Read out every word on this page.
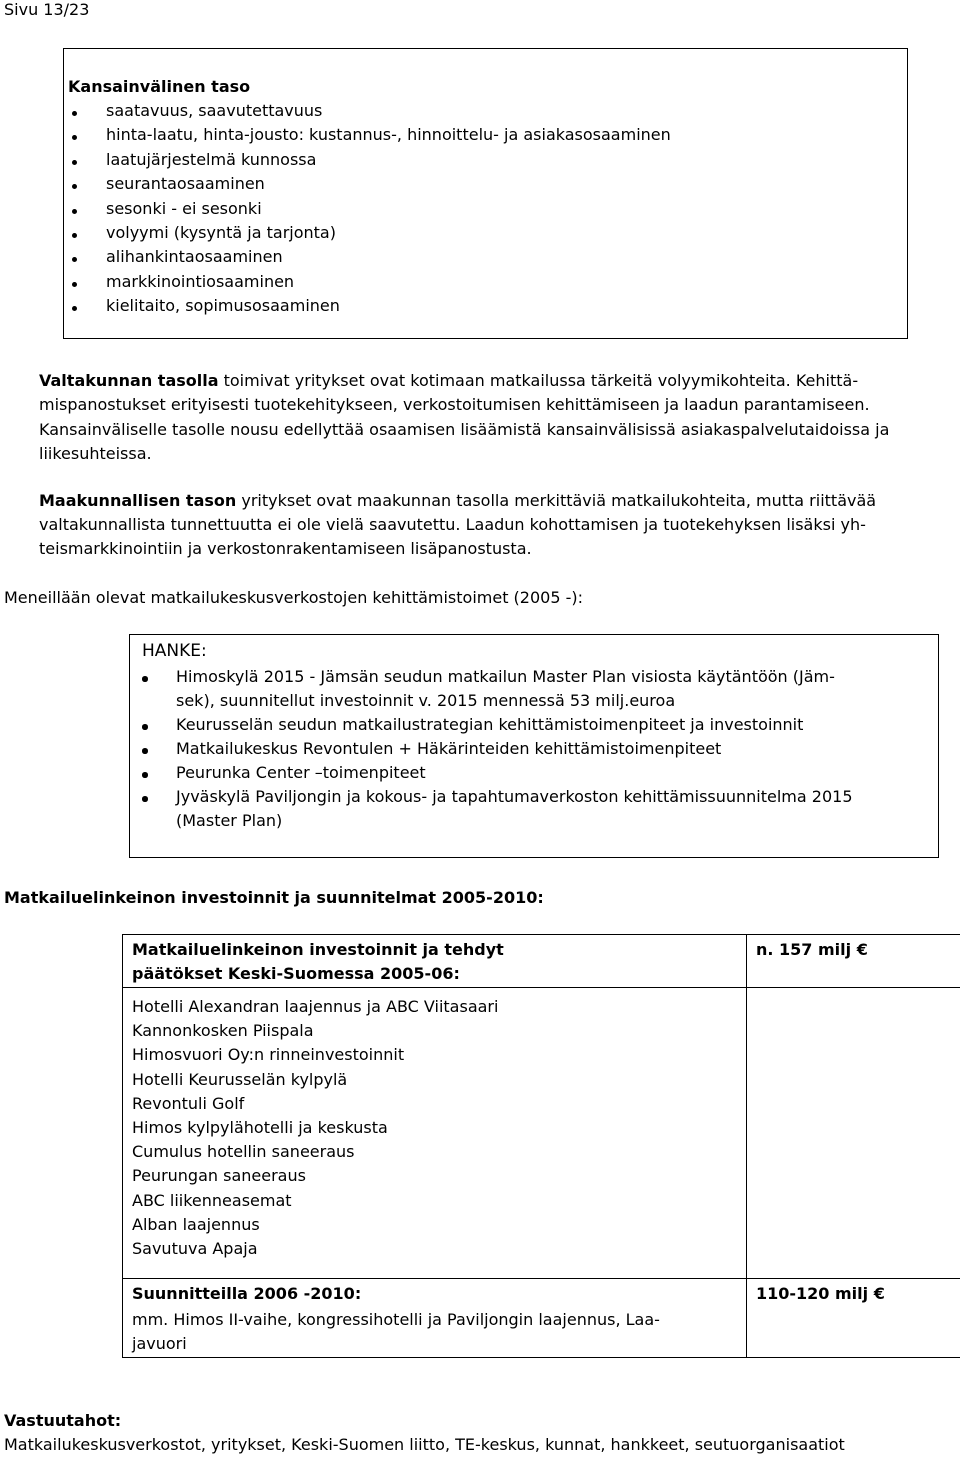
Sivu 13/23
Kansainvälinen taso
saatavuus, saavutettavuus
hinta-laatu, hinta-jousto: kustannus-, hinnoittelu- ja asiakasosaaminen
laatujärjestelmä kunnossa
seurantaosaaminen
sesonki - ei sesonki
volyymi (kysyntä ja tarjonta)
alihankintaosaaminen
markkinointiosaaminen
kielitaito, sopimusosaaminen
Valtakunnan tasolla toimivat yritykset ovat kotimaan matkailussa tärkeitä volyymikohteita. Kehittä-
mispanostukset erityisesti tuotekehitykseen, verkostoitumisen kehittämiseen ja laadun parantamiseen.
Kansainväliselle tasolle nousu edellyttää osaamisen lisäämistä kansainvälisissä asiakaspalvelutaidoissa ja
liikesuhteissa.
Maakunnallisen tason yritykset ovat maakunnan tasolla merkittäviä matkailukohteita, mutta riittävää
valtakunnallista tunnettuutta ei ole vielä saavutettu. Laadun kohottamisen ja tuotekehyksen lisäksi yh-
teismarkkinointiin ja verkostonrakentamiseen lisäpanostusta.
Meneillään olevat matkailukeskusverkostojen kehittämistoimet (2005 -):
HANKE:
Himoskylä 2015 - Jämsän seudun matkailun Master Plan visiosta käytäntöön (Jäm-
sek), suunnitellut investoinnit v. 2015 mennessä 53 milj.euroa
Keurusselän seudun matkailustrategian kehittämistoimenpiteet ja investoinnit
Matkailukeskus Revontulen + Häkärinteiden kehittämistoimenpiteet
Peurunka Center –toimenpiteet
Jyväskylä Paviljongin ja kokous- ja tapahtumaverkoston kehittämissuunnitelma 2015
(Master Plan)
Matkailuelinkeinon investoinnit ja suunnitelmat 2005-2010:
Matkailuelinkeinon investoinnit ja tehdyt
päätökset Keski-Suomessa 2005-06:
n. 157 milj €
Hotelli Alexandran laajennus ja ABC Viitasaari
Kannonkosken Piispala
Himosvuori Oy:n rinneinvestoinnit
Hotelli Keurusselän kylpylä
Revontuli Golf
Himos kylpylähotelli ja keskusta
Cumulus hotellin saneeraus
Peurungan saneeraus
ABC liikenneasemat
Alban laajennus
Savutuva Apaja
Suunnitteilla 2006 -2010:	110-120 milj €
mm. Himos II-vaihe, kongressihotelli ja Paviljongin laajennus, Laa-
javuori
Vastuutahot:
Matkailukeskusverkostot, yritykset, Keski-Suomen liitto, TE-keskus, kunnat, hankkeet, seutuorganisaatiot
